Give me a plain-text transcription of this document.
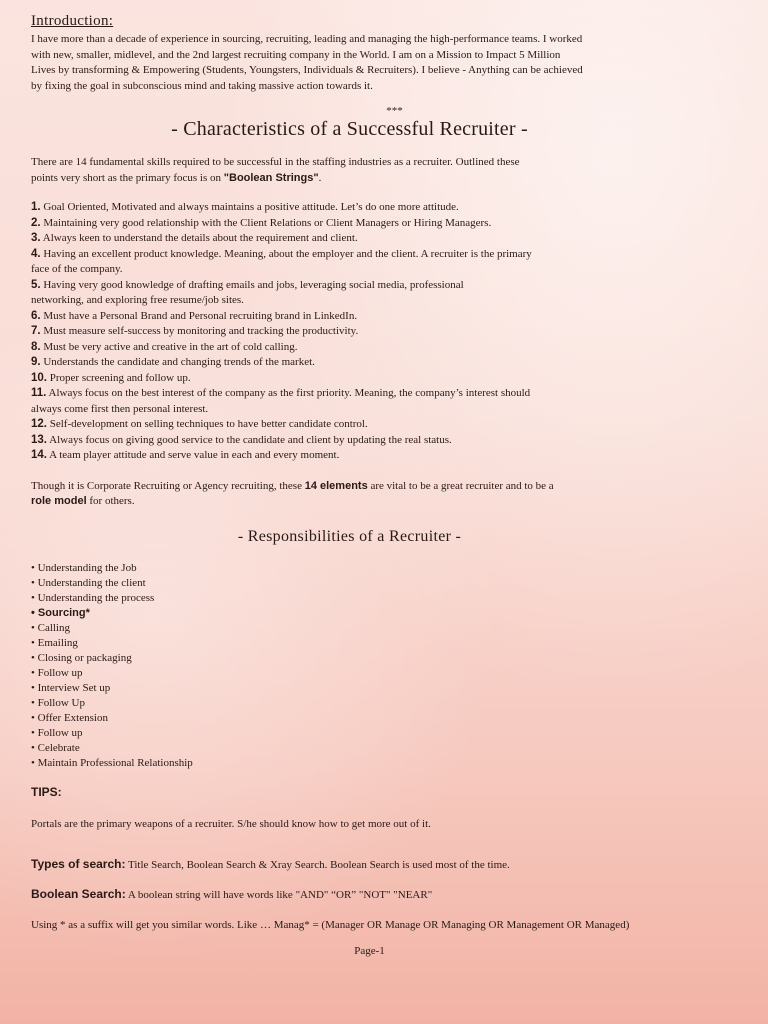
Introduction:

I have more than a decade of experience in sourcing, recruiting, leading and managing the high-performance teams. I worked

with new, smaller, midlevel, and the 2nd largest recruiting company in the World. I am on a Mission to Impact 5 Million

Lives by transforming & Empowering (Students, Youngsters, Individuals & Recruiters). I believe - Anything can be achieved

by fixing the goal in subconscious mind and taking massive action towards it.

***
- Characteristics of a Successful Recruiter -

There are 14 fundamental skills required to be successful in the staffing industries as a recruiter. Outlined these

points very short as the primary focus is on "Boolean Strings".

1. Goal Oriented, Motivated and always maintains a positive attitude. Let’s do one more attitude.
2. Maintaining very good relationship with the Client Relations or Client Managers or Hiring Managers.
3. Always keen to understand the details about the requirement and client.
4. Having an excellent product knowledge. Meaning, about the employer and the client. A recruiter is the primary
face of the company.
5. Having very good knowledge of drafting emails and jobs, leveraging social media, professional
networking, and exploring free resume/job sites.
6. Must have a Personal Brand and Personal recruiting brand in LinkedIn.
7. Must measure self-success by monitoring and tracking the productivity.
8. Must be very active and creative in the art of cold calling.
9. Understands the candidate and changing trends of the market.
10. Proper screening and follow up.
11. Always focus on the best interest of the company as the first priority. Meaning, the company’s interest should
always come first then personal interest.
12. Self-development on selling techniques to have better candidate control.
13. Always focus on giving good service to the candidate and client by updating the real status.
14. A team player attitude and serve value in each and every moment.

Though it is Corporate Recruiting or Agency recruiting, these 14 elements are vital to be a great recruiter and to be a

role model for others.

- Responsibilities of a Recruiter -
• Understanding the Job
• Understanding the client
• Understanding the process
• Sourcing*
• Calling
• Emailing
• Closing or packaging
• Follow up
• Interview Set up
• Follow Up
• Offer Extension
• Follow up
• Celebrate
• Maintain Professional Relationship
TIPS:

Portals are the primary weapons of a recruiter. S/he should know how to get more out of it.

Types of search: Title Search, Boolean Search & Xray Search. Boolean Search is used most of the time.

Boolean Search: A boolean string will have words like "AND" “OR” "NOT" "NEAR"

Using * as a suffix will get you similar words. Like … Manag* = (Manager OR Manage OR Managing OR Management OR Managed)

Page-1
